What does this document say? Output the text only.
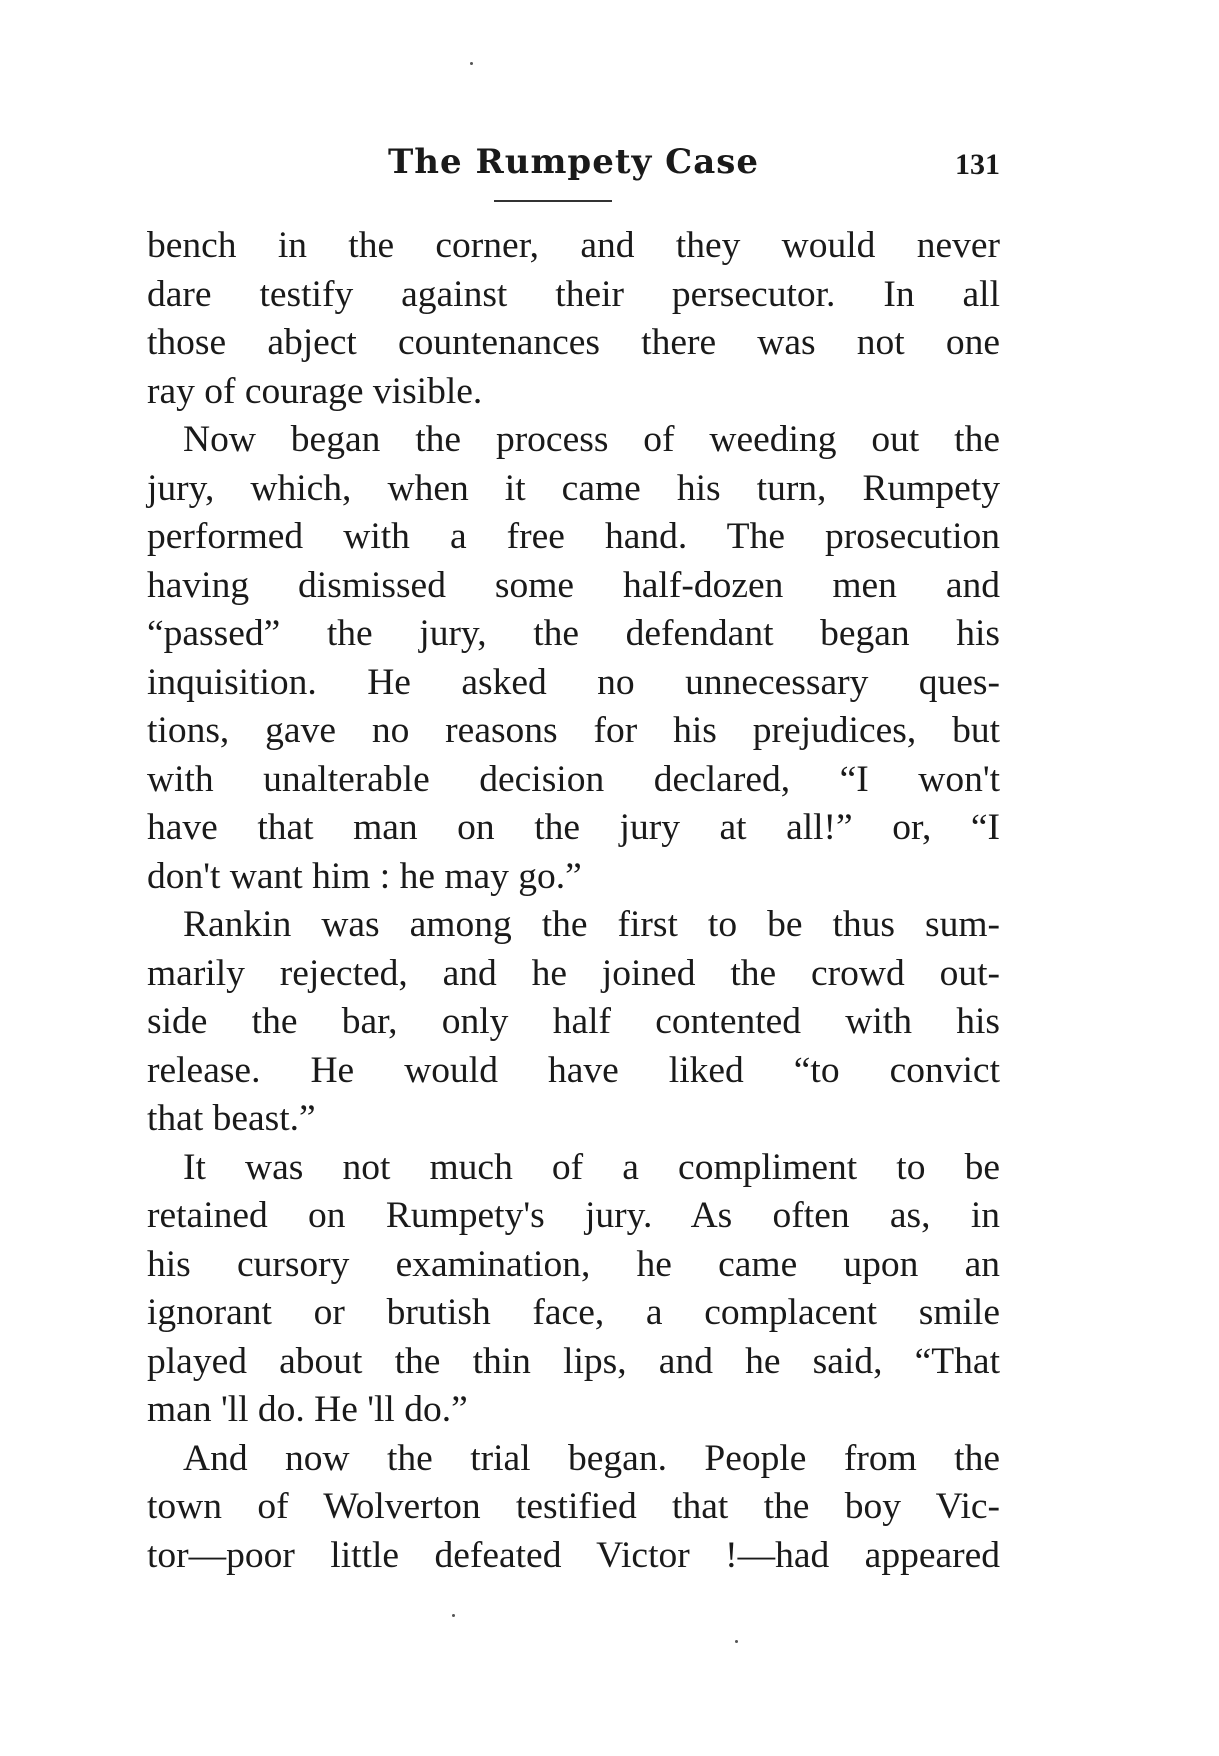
The Rumpety Case	131

bench in the corner, and they would never
dare testify against their persecutor. In all
those abject countenances there was not one
ray of courage visible.

Now began the process of weeding out the
jury, which, when it came his turn, Rumpety
performed with a free hand. The prosecution
having dismissed some half-dozen men and
“passed” the jury, the defendant began his
inquisition. He asked no unnecessary ques-
tions, gave no reasons for his prejudices, but
with unalterable decision declared, “I won't
have that man on the jury at all!” or, “I
don't want him : he may go.”

Rankin was among the first to be thus sum-
marily rejected, and he joined the crowd out-
side the bar, only half contented with his
release. He would have liked “to convict
that beast.”

It was not much of a compliment to be
retained on Rumpety's jury. As often as, in
his cursory examination, he came upon an
ignorant or brutish face, a complacent smile
played about the thin lips, and he said, “That
man 'll do. He 'll do.”

And now the trial began. People from the
town of Wolverton testified that the boy Vic-
tor—poor little defeated Victor !—had appeared
